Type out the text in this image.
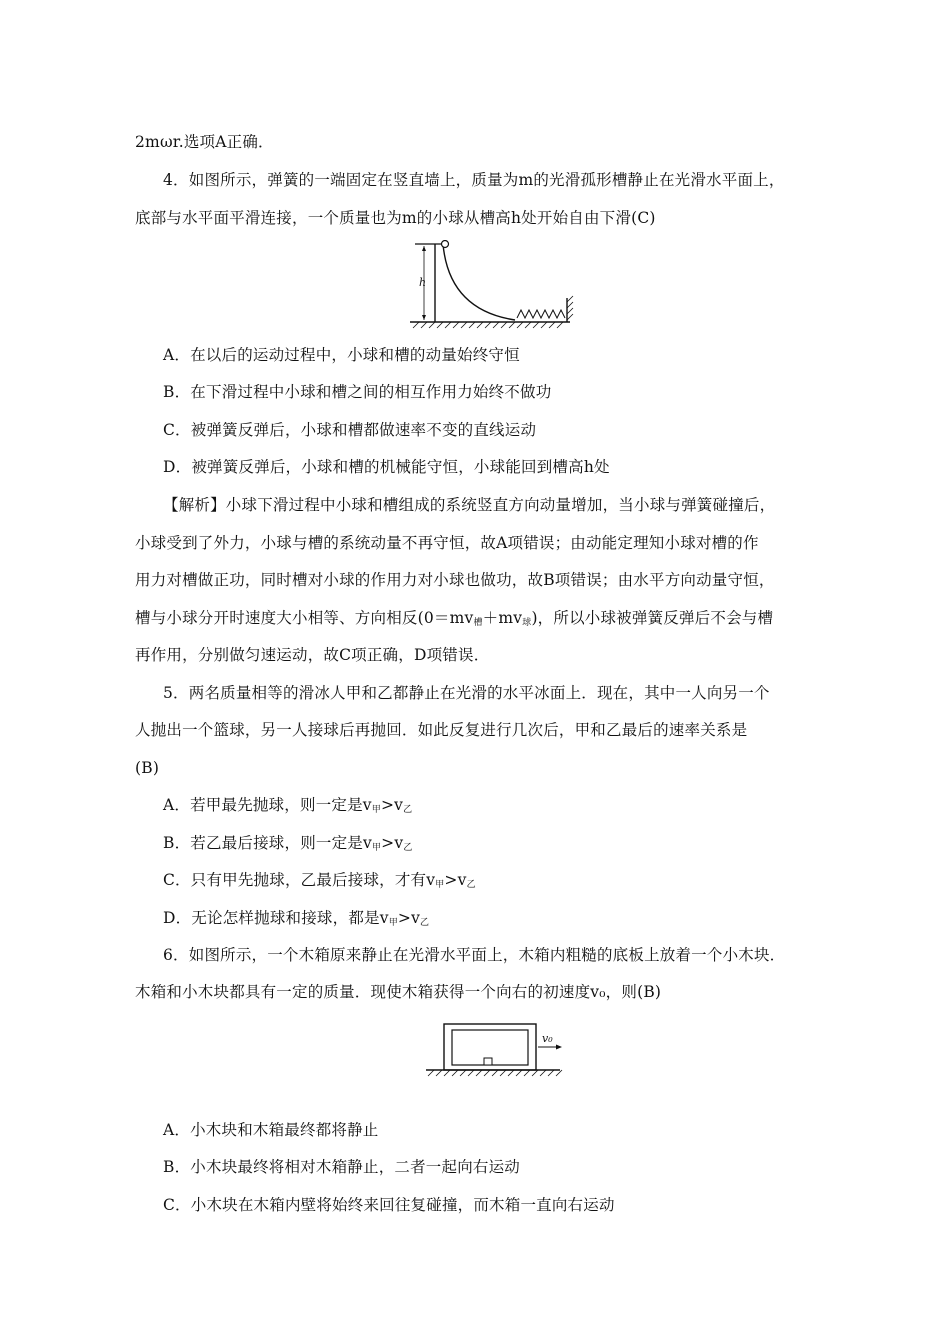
2mωr.选项A正确．
4．如图所示，弹簧的一端固定在竖直墙上，质量为m的光滑孤形槽静止在光滑水平面上，
底部与水平面平滑连接，一个质量也为m的小球从槽高h处开始自由下滑(C)
h
A．在以后的运动过程中，小球和槽的动量始终守恒
B．在下滑过程中小球和槽之间的相互作用力始终不做功
C．被弹簧反弹后，小球和槽都做速率不变的直线运动
D．被弹簧反弹后，小球和槽的机械能守恒，小球能回到槽高h处
【解析】小球下滑过程中小球和槽组成的系统竖直方向动量增加，当小球与弹簧碰撞后，
小球受到了外力，小球与槽的系统动量不再守恒，故A项错误；由动能定理知小球对槽的作
用力对槽做正功，同时槽对小球的作用力对小球也做功，故B项错误；由水平方向动量守恒，
槽与小球分开时速度大小相等、方向相反$(0=mv_槽+mv_球)$，所以小球被弹簧反弹后不会与槽
再作用，分别做匀速运动，故C项正确，D项错误．
5．两名质量相等的滑冰人甲和乙都静止在光滑的水平冰面上．现在，其中一人向另一个
人抛出一个篮球，另一人接球后再抛回．如此反复进行几次后，甲和乙最后的速率关系是
(B)
A．若甲最先抛球，则一定是$v_甲>v_乙$
B．若乙最后接球，则一定是$v_甲>v_乙$
C．只有甲先抛球，乙最后接球，才有$v_甲>v_乙$
D．无论怎样抛球和接球，都是$v_甲>v_乙$
6．如图所示，一个木箱原来静止在光滑水平面上，木箱内粗糙的底板上放着一个小木块．
木箱和小木块都具有一定的质量．现使木箱获得一个向右的初速度v₀，则(B)
v₀
A．小木块和木箱最终都将静止
B．小木块最终将相对木箱静止，二者一起向右运动
C．小木块在木箱内壁将始终来回往复碰撞，而木箱一直向右运动
